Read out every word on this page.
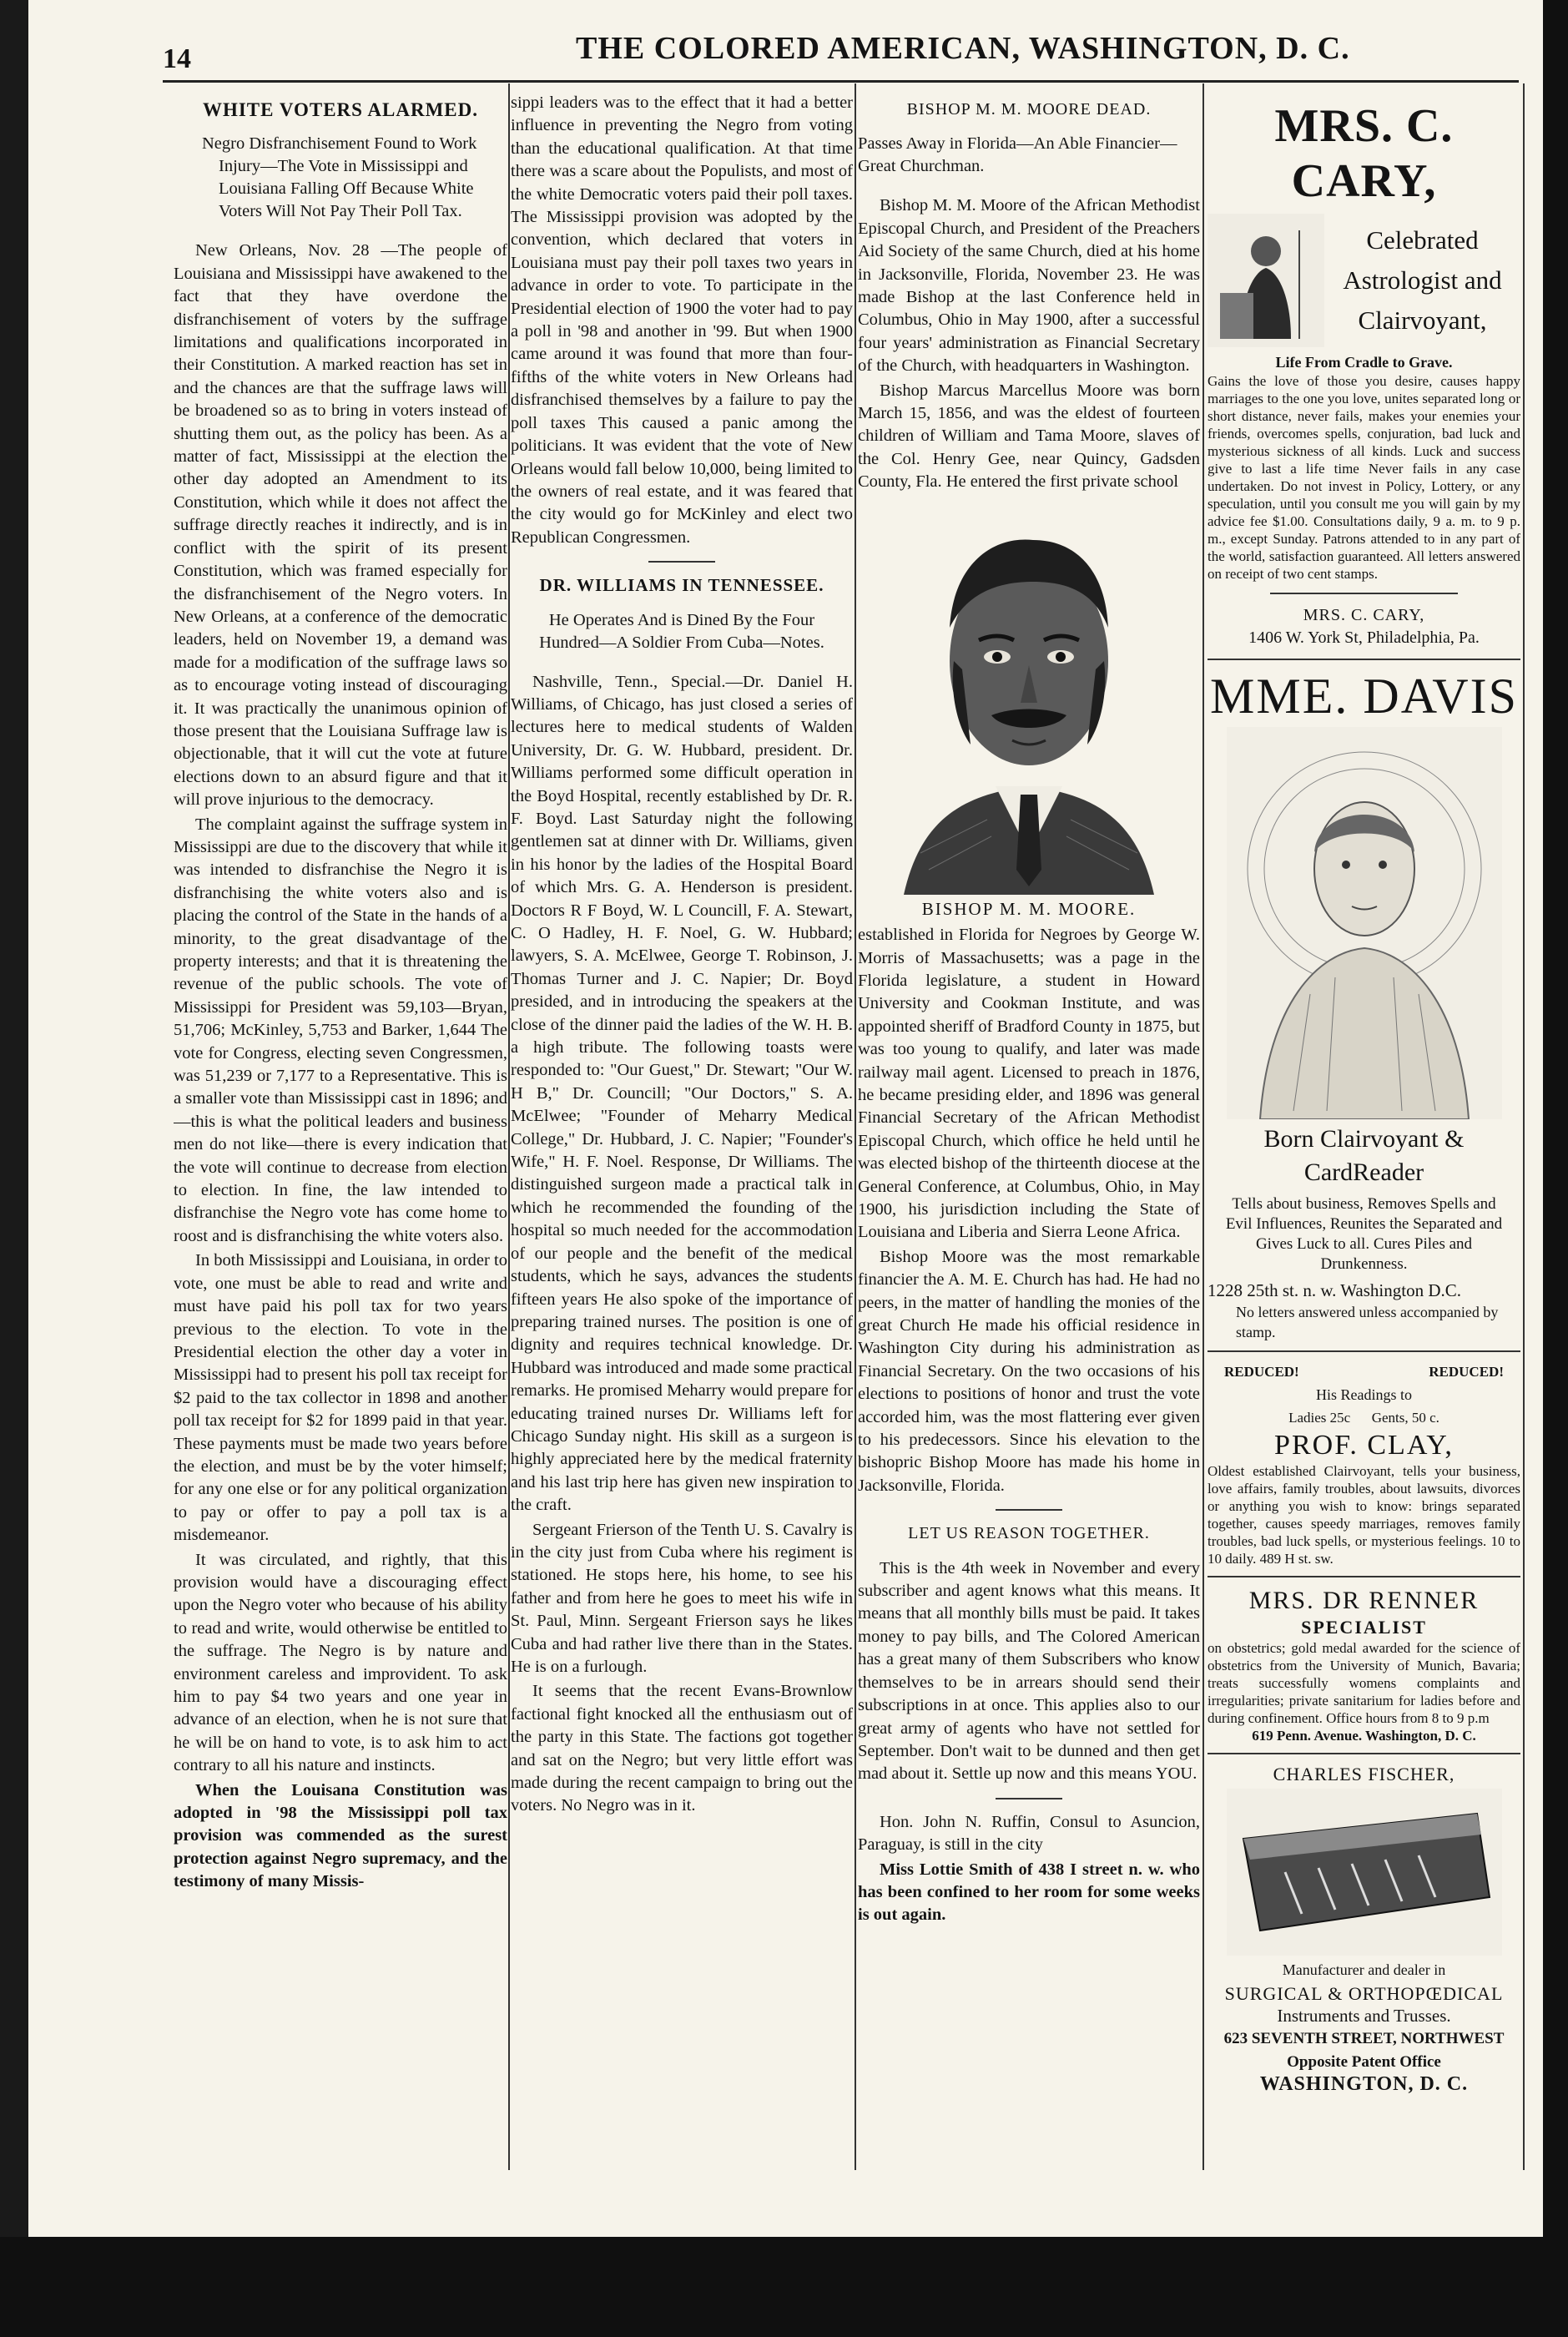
14	THE COLORED AMERICAN, WASHINGTON, D. C.
WHITE VOTERS ALARMED.
Negro Disfranchisement Found to Work Injury—The Vote in Mississippi and Louisiana Falling Off Because White Voters Will Not Pay Their Poll Tax.

New Orleans, Nov. 28 —The people of Louisiana and Mississippi have awakened to the fact that they have overdone the disfranchisement of voters by the suffrage limitations and qualifications incorporated in their Constitution. A marked reaction has set in and the chances are that the suffrage laws will be broadened so as to bring in voters instead of shutting them out, as the policy has been. As a matter of fact, Mississippi at the election the other day adopted an Amendment to its Constitution, which while it does not affect the suffrage directly reaches it indirectly, and is in conflict with the spirit of its present Constitution, which was framed especially for the disfranchisement of the Negro voters. In New Orleans, at a conference of the democratic leaders, held on November 19, a demand was made for a modification of the suffrage laws so as to encourage voting instead of discouraging it. It was practically the unanimous opinion of those present that the Louisiana Suffrage law is objectionable, that it will cut the vote at future elections down to an absurd figure and that it will prove injurious to the democracy.

The complaint against the suffrage system in Mississippi are due to the discovery that while it was intended to disfranchise the Negro it is disfranchising the white voters also and is placing the control of the State in the hands of a minority, to the great disadvantage of the property interests; and that it is threatening the revenue of the public schools. The vote of Mississippi for President was 59,103—Bryan, 51,706; McKinley, 5,753 and Barker, 1,644 The vote for Congress, electing seven Congressmen, was 51,239 or 7,177 to a Representative. This is a smaller vote than Mississippi cast in 1896; and—this is what the political leaders and business men do not like—there is every indication that the vote will continue to decrease from election to election. In fine, the law intended to disfranchise the Negro vote has come home to roost and is disfranchising the white voters also.

In both Mississippi and Louisiana, in order to vote, one must be able to read and write and must have paid his poll tax for two years previous to the election. To vote in the Presidential election the other day a voter in Mississippi had to present his poll tax receipt for $2 paid to the tax collector in 1898 and another poll tax receipt for $2 for 1899 paid in that year. These payments must be made two years before the election, and must be by the voter himself; for any one else or for any political organization to pay or offer to pay a poll tax is a misdemeanor.

It was circulated, and rightly, that this provision would have a discouraging effect upon the Negro voter who because of his ability to read and write, would otherwise be entitled to the suffrage. The Negro is by nature and environment careless and improvident. To ask him to pay $4 two years and one year in advance of an election, when he is not sure that he will be on hand to vote, is to ask him to act contrary to all his nature and instincts.

When the Louisana Constitution was adopted in '98 the Mississippi poll tax provision was commended as the surest protection against Negro supremacy, and the testimony of many Missis-

sippi leaders was to the effect that it had a better influence in preventing the Negro from voting than the educational qualification. At that time there was a scare about the Populists, and most of the white Democratic voters paid their poll taxes. The Mississippi provision was adopted by the convention, which declared that voters in Louisiana must pay their poll taxes two years in advance in order to vote. To participate in the Presidential election of 1900 the voter had to pay a poll in '98 and another in '99. But when 1900 came around it was found that more than four-fifths of the white voters in New Orleans had disfranchised themselves by a failure to pay the poll taxes This caused a panic among the politicians. It was evident that the vote of New Orleans would fall below 10,000, being limited to the owners of real estate, and it was feared that the city would go for McKinley and elect two Republican Congressmen.

DR. WILLIAMS IN TENNESSEE.
He Operates And is Dined By the Four Hundred—A Soldier From Cuba—Notes.

Nashville, Tenn., Special.—Dr. Daniel H. Williams, of Chicago, has just closed a series of lectures here to medical students of Walden University, Dr. G. W. Hubbard, president. Dr. Williams performed some difficult operation in the Boyd Hospital, recently established by Dr. R. F. Boyd. Last Saturday night the following gentlemen sat at dinner with Dr. Williams, given in his honor by the ladies of the Hospital Board of which Mrs. G. A. Henderson is president. Doctors R F Boyd, W. L Councill, F. A. Stewart, C. O Hadley, H. F. Noel, G. W. Hubbard; lawyers, S. A. McElwee, George T. Robinson, J. Thomas Turner and J. C. Napier; Dr. Boyd presided, and in introducing the speakers at the close of the dinner paid the ladies of the W. H. B. a high tribute. The following toasts were responded to: "Our Guest," Dr. Stewart; "Our W. H B," Dr. Councill; "Our Doctors," S. A. McElwee; "Founder of Meharry Medical College," Dr. Hubbard, J. C. Napier; "Founder's Wife," H. F. Noel. Response, Dr Williams. The distinguished surgeon made a practical talk in which he recommended the founding of the hospital so much needed for the accommodation of our people and the benefit of the medical students, which he says, advances the students fifteen years He also spoke of the importance of preparing trained nurses. The position is one of dignity and requires technical knowledge. Dr. Hubbard was introduced and made some practical remarks. He promised Meharry would prepare for educating trained nurses Dr. Williams left for Chicago Sunday night. His skill as a surgeon is highly appreciated here by the medical fraternity and his last trip here has given new inspiration to the craft.

Sergeant Frierson of the Tenth U. S. Cavalry is in the city just from Cuba where his regiment is stationed. He stops here, his home, to see his father and from here he goes to meet his wife in St. Paul, Minn. Sergeant Frierson says he likes Cuba and had rather live there than in the States. He is on a furlough.

It seems that the recent Evans-Brownlow factional fight knocked all the enthusiasm out of the party in this State. The factions got together and sat on the Negro; but very little effort was made during the recent campaign to bring out the voters. No Negro was in it.

BISHOP M. M. MOORE DEAD.
Passes Away in Florida—An Able Financier—Great Churchman.

Bishop M. M. Moore of the African Methodist Episcopal Church, and President of the Preachers Aid Society of the same Church, died at his home in Jacksonville, Florida, November 23. He was made Bishop at the last Conference held in Columbus, Ohio in May 1900, after a successful four years' administration as Financial Secretary of the Church, with headquarters in Washington.

Bishop Marcus Marcellus Moore was born March 15, 1856, and was the eldest of fourteen children of William and Tama Moore, slaves of the Col. Henry Gee, near Quincy, Gadsden County, Fla. He entered the first private school

BISHOP M. M. MOORE.

established in Florida for Negroes by George W. Morris of Massachusetts; was a page in the Florida legislature, a student in Howard University and Cookman Institute, and was appointed sheriff of Bradford County in 1875, but was too young to qualify, and later was made railway mail agent. Licensed to preach in 1876, he became presiding elder, and 1896 was general Financial Secretary of the African Methodist Episcopal Church, which office he held until he was elected bishop of the thirteenth diocese at the General Conference, at Columbus, Ohio, in May 1900, his jurisdiction including the State of Louisiana and Liberia and Sierra Leone Africa.

Bishop Moore was the most remarkable financier the A. M. E. Church has had. He had no peers, in the matter of handling the monies of the great Church He made his official residence in Washington City during his administration as Financial Secretary. On the two occasions of his elections to positions of honor and trust the vote accorded him, was the most flattering ever given to his predecessors. Since his elevation to the bishopric Bishop Moore has made his home in Jacksonville, Florida.

LET US REASON TOGETHER.

This is the 4th week in November and every subscriber and agent knows what this means. It means that all monthly bills must be paid. It takes money to pay bills, and The Colored American has a great many of them Subscribers who know themselves to be in arrears should send their subscriptions in at once. This applies also to our great army of agents who have not settled for September. Don't wait to be dunned and then get mad about it. Settle up now and this means YOU.

Hon. John N. Ruffin, Consul to Asuncion, Paraguay, is still in the city

Miss Lottie Smith of 438 I street n. w. who has been confined to her room for some weeks is out again.

MRS. C. CARY,
Celebrated Astrologist and Clairvoyant,
Life From Cradle to Grave.
Gains the love of those you desire, causes happy marriages to the one you love, unites separated long or short distance, never fails, makes your enemies your friends, overcomes spells, conjuration, bad luck and mysterious sickness of all kinds. Luck and success give to last a life time Never fails in any case undertaken. Do not invest in Policy, Lottery, or any speculation, until you consult me you will gain by my advice fee $1.00. Consultations daily, 9 a. m. to 9 p. m., except Sunday. Patrons attended to in any part of the world, satisfaction guaranteed. All letters answered on receipt of two cent stamps.
MRS. C. CARY,
1406 W. York St, Philadelphia, Pa.
MME. DAVIS
Born Clairvoyant & CardReader
Tells about business, Removes Spells and Evil Influences, Reunites the Separated and Gives Luck to all. Cures Piles and Drunkenness.
1228 25th st. n. w. Washington D.C.
No letters answered unless accompanied by stamp.
REDUCED!	REDUCED!
His Readings to
Ladies 25c      Gents, 50 c.
PROF. CLAY,
Oldest established Clairvoyant, tells your business, love affairs, family troubles, about lawsuits, divorces or anything you wish to know: brings separated together, causes speedy marriages, removes family troubles, bad luck spells, or mysterious feelings. 10 to 10 daily. 489 H st. sw.
MRS. DR RENNER
SPECIALIST
on obstetrics; gold medal awarded for the science of obstetrics from the University of Munich, Bavaria; treats successfully womens complaints and irregularities; private sanitarium for ladies before and during confinement. Office hours from 8 to 9 p.m
619 Penn. Avenue. Washington, D. C.
CHARLES FISCHER,
Manufacturer and dealer in
SURGICAL & ORTHOPŒDICAL
Instruments and Trusses.
623 SEVENTH STREET, NORTHWEST
Opposite Patent Office
WASHINGTON, D. C.
